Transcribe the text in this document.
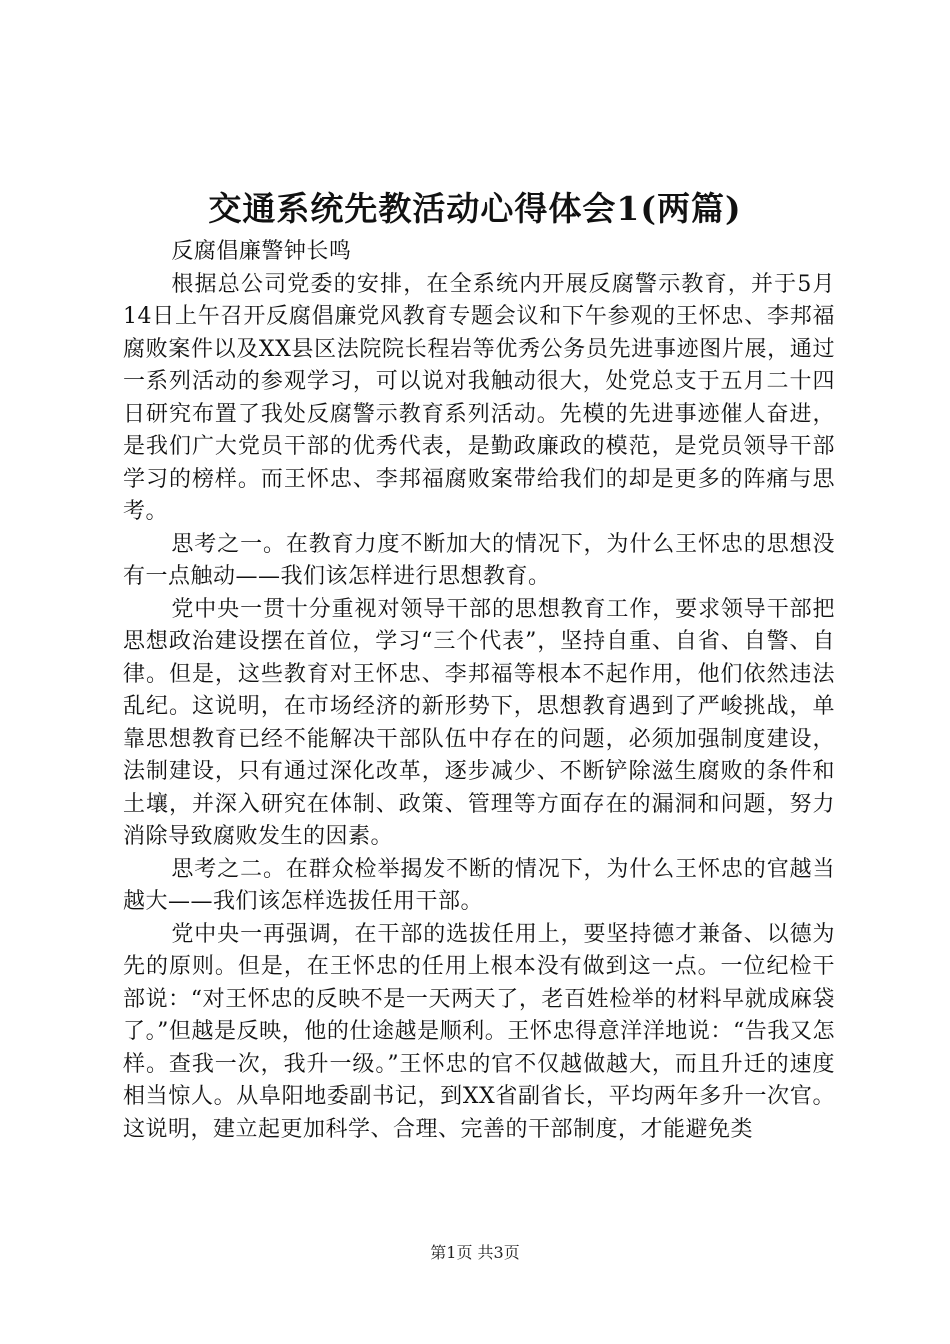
交通系统先教活动心得体会1(两篇)

反腐倡廉警钟长鸣

根据总公司党委的安排，在全系统内开展反腐警示教育，并于5月14日上午召开反腐倡廉党风教育专题会议和下午参观的王怀忠、李邦福腐败案件以及XX县区法院院长程岩等优秀公务员先进事迹图片展，通过一系列活动的参观学习，可以说对我触动很大，处党总支于五月二十四日研究布置了我处反腐警示教育系列活动。先模的先进事迹催人奋进，是我们广大党员干部的优秀代表，是勤政廉政的模范，是党员领导干部学习的榜样。而王怀忠、李邦福腐败案带给我们的却是更多的阵痛与思考。

思考之一。在教育力度不断加大的情况下，为什么王怀忠的思想没有一点触动——我们该怎样进行思想教育。

党中央一贯十分重视对领导干部的思想教育工作，要求领导干部把思想政治建设摆在首位，学习“三个代表”，坚持自重、自省、自警、自律。但是，这些教育对王怀忠、李邦福等根本不起作用，他们依然违法乱纪。这说明，在市场经济的新形势下，思想教育遇到了严峻挑战，单靠思想教育已经不能解决干部队伍中存在的问题，必须加强制度建设，法制建设，只有通过深化改革，逐步减少、不断铲除滋生腐败的条件和土壤，并深入研究在体制、政策、管理等方面存在的漏洞和问题，努力消除导致腐败发生的因素。

思考之二。在群众检举揭发不断的情况下，为什么王怀忠的官越当越大——我们该怎样选拔任用干部。

党中央一再强调，在干部的选拔任用上，要坚持德才兼备、以德为先的原则。但是，在王怀忠的任用上根本没有做到这一点。一位纪检干部说：“对王怀忠的反映不是一天两天了，老百姓检举的材料早就成麻袋了。”但越是反映，他的仕途越是顺利。王怀忠得意洋洋地说：“告我又怎样。查我一次，我升一级。”王怀忠的官不仅越做越大，而且升迁的速度相当惊人。从阜阳地委副书记，到XX省副省长，平均两年多升一次官。这说明，建立起更加科学、合理、完善的干部制度，才能避免类

第1页 共3页
